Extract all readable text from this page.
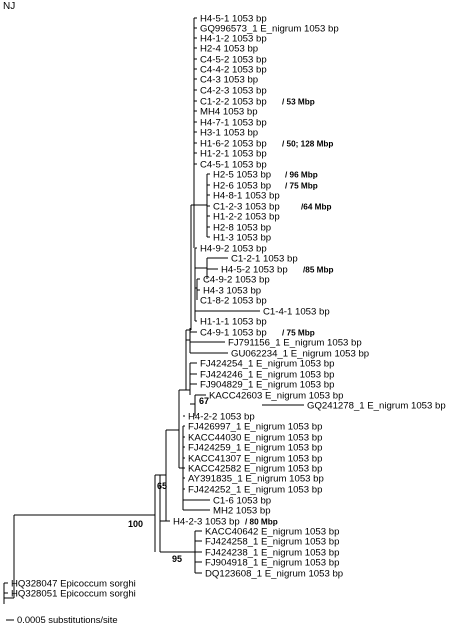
NJ
H4-5-1 1053 bp
GQ996573_1 E_nigrum 1053 bp
H4-1-2 1053 bp
H2-4 1053 bp
C4-5-2 1053 bp
C4-4-2 1053 bp
C4-3 1053 bp
C4-2-3 1053 bp
C1-2-2 1053 bp / 53 Mbp
MH4 1053 bp
H4-7-1 1053 bp
H3-1 1053 bp
H1-6-2 1053 bp / 50; 128 Mbp
H1-2-1 1053 bp
C4-5-1 1053 bp
H2-5 1053 bp / 96 Mbp
H2-6 1053 bp / 75 Mbp
H4-8-1 1053 bp
C1-2-3 1053 bp	/64 Mbp
H1-2-2 1053 bp
H2-8 1053 bp
H1-3 1053 bp
H4-9-2 1053 bp
C1-2-1 1053 bp
H4-5-2 1053 bp /85 Mbp
C4-9-2 1053 bp
H4-3 1053 bp
C1-8-2 1053 bp
C1-4-1 1053 bp
H1-1-1 1053 bp
C4-9-1 1053 bp / 75 Mbp
FJ791156_1 E_nigrum 1053 bp
GU062234_1 E_nigrum 1053 bp
FJ424254_1 E_nigrum 1053 bp
FJ424246_1 E_nigrum 1053 bp
FJ904829_1 E_nigrum 1053 bp
KACC42603 E_nigrum 1053 bp
GQ241278_1 E_nigrum 1053 bp
H4-2-2 1053 bp
FJ426997_1 E_nigrum 1053 bp
KACC44030 E_nigrum 1053 bp
FJ424259_1 E_nigrum 1053 bp
KACC41307 E_nigrum 1053 bp
KACC42582 E_nigrum 1053 bp
AY391835_1 E_nigrum 1053 bp
FJ424252_1 E_nigrum 1053 bp
C1-6 1053 bp
MH2 1053 bp
H4-2-3 1053 bp / 80 Mbp
KACC40642 E_nigrum 1053 bp
FJ424258_1 E_nigrum 1053 bp
FJ424238_1 E_nigrum 1053 bp
FJ904918_1 E_nigrum 1053 bp
DQ123608_1 E_nigrum 1053 bp
HQ328047 Epicoccum sorghi
HQ328051 Epicoccum sorghi
67
65
100
95
0.0005 substitutions/site
